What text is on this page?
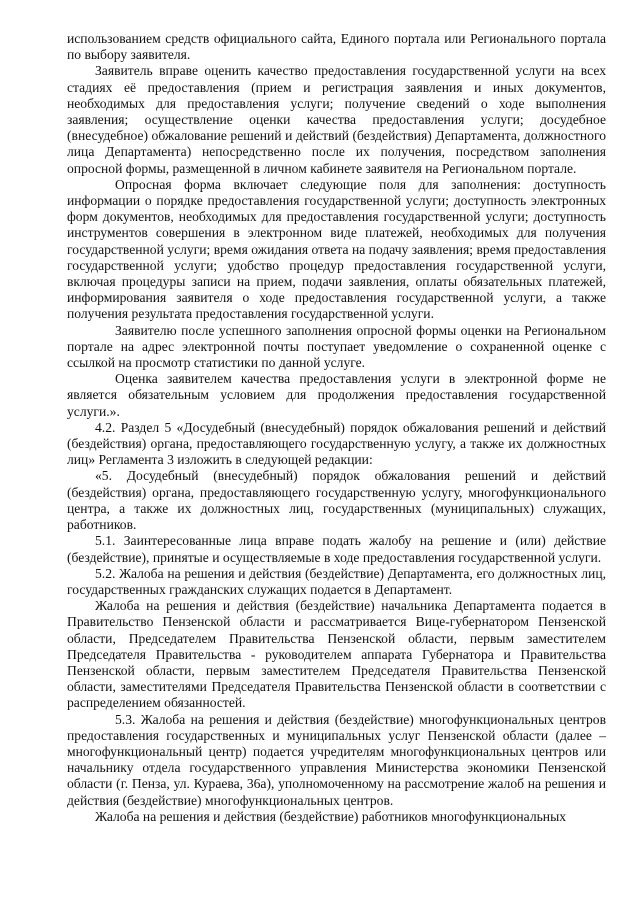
использованием средств официального сайта, Единого портала или Регионального портала по выбору заявителя.

Заявитель вправе оценить качество предоставления государственной услуги на всех стадиях её предоставления (прием и регистрация заявления и иных документов, необходимых для предоставления услуги; получение сведений о ходе выполнения заявления; осуществление оценки качества предоставления услуги; досудебное (внесудебное) обжалование решений и действий (бездействия) Департамента, должностного лица Департамента) непосредственно после их получения, посредством заполнения опросной формы, размещенной в личном кабинете заявителя на Региональном портале.

Опросная форма включает следующие поля для заполнения: доступность информации о порядке предоставления государственной услуги; доступность электронных форм документов, необходимых для предоставления государственной услуги; доступность инструментов совершения в электронном виде платежей, необходимых для получения государственной услуги; время ожидания ответа на подачу заявления; время предоставления государственной услуги; удобство процедур предоставления государственной услуги, включая процедуры записи на прием, подачи заявления, оплаты обязательных платежей, информирования заявителя о ходе предоставления государственной услуги, а также получения результата предоставления государственной услуги.

Заявителю после успешного заполнения опросной формы оценки на Региональном портале на адрес электронной почты поступает уведомление о сохраненной оценке с ссылкой на просмотр статистики по данной услуге.

Оценка заявителем качества предоставления услуги в электронной форме не является обязательным условием для продолжения предоставления государственной услуги.».

4.2. Раздел 5 «Досудебный (внесудебный) порядок обжалования решений и действий (бездействия) органа, предоставляющего государственную услугу, а также их должностных лиц» Регламента 3 изложить в следующей редакции:

«5. Досудебный (внесудебный) порядок обжалования решений и действий (бездействия) органа, предоставляющего государственную услугу, многофункционального центра, а также их должностных лиц, государственных (муниципальных) служащих, работников.

5.1. Заинтересованные лица вправе подать жалобу на решение и (или) действие (бездействие), принятые и осуществляемые в ходе предоставления государственной услуги.

5.2. Жалоба на решения и действия (бездействие) Департамента, его должностных лиц, государственных гражданских служащих подается в Департамент.

Жалоба на решения и действия (бездействие) начальника Департамента подается в Правительство Пензенской области и рассматривается Вице-губернатором Пензенской области, Председателем Правительства Пензенской области, первым заместителем Председателя Правительства - руководителем аппарата Губернатора и Правительства Пензенской области, первым заместителем Председателя Правительства Пензенской области, заместителями Председателя Правительства Пензенской области в соответствии с распределением обязанностей.

5.3. Жалоба на решения и действия (бездействие) многофункциональных центров предоставления государственных и муниципальных услуг Пензенской области (далее – многофункциональный центр) подается учредителям многофункциональных центров или начальнику отдела государственного управления Министерства экономики Пензенской области (г. Пенза, ул. Кураева, 36а), уполномоченному на рассмотрение жалоб на решения и действия (бездействие) многофункциональных центров.

Жалоба на решения и действия (бездействие) работников многофункциональных
